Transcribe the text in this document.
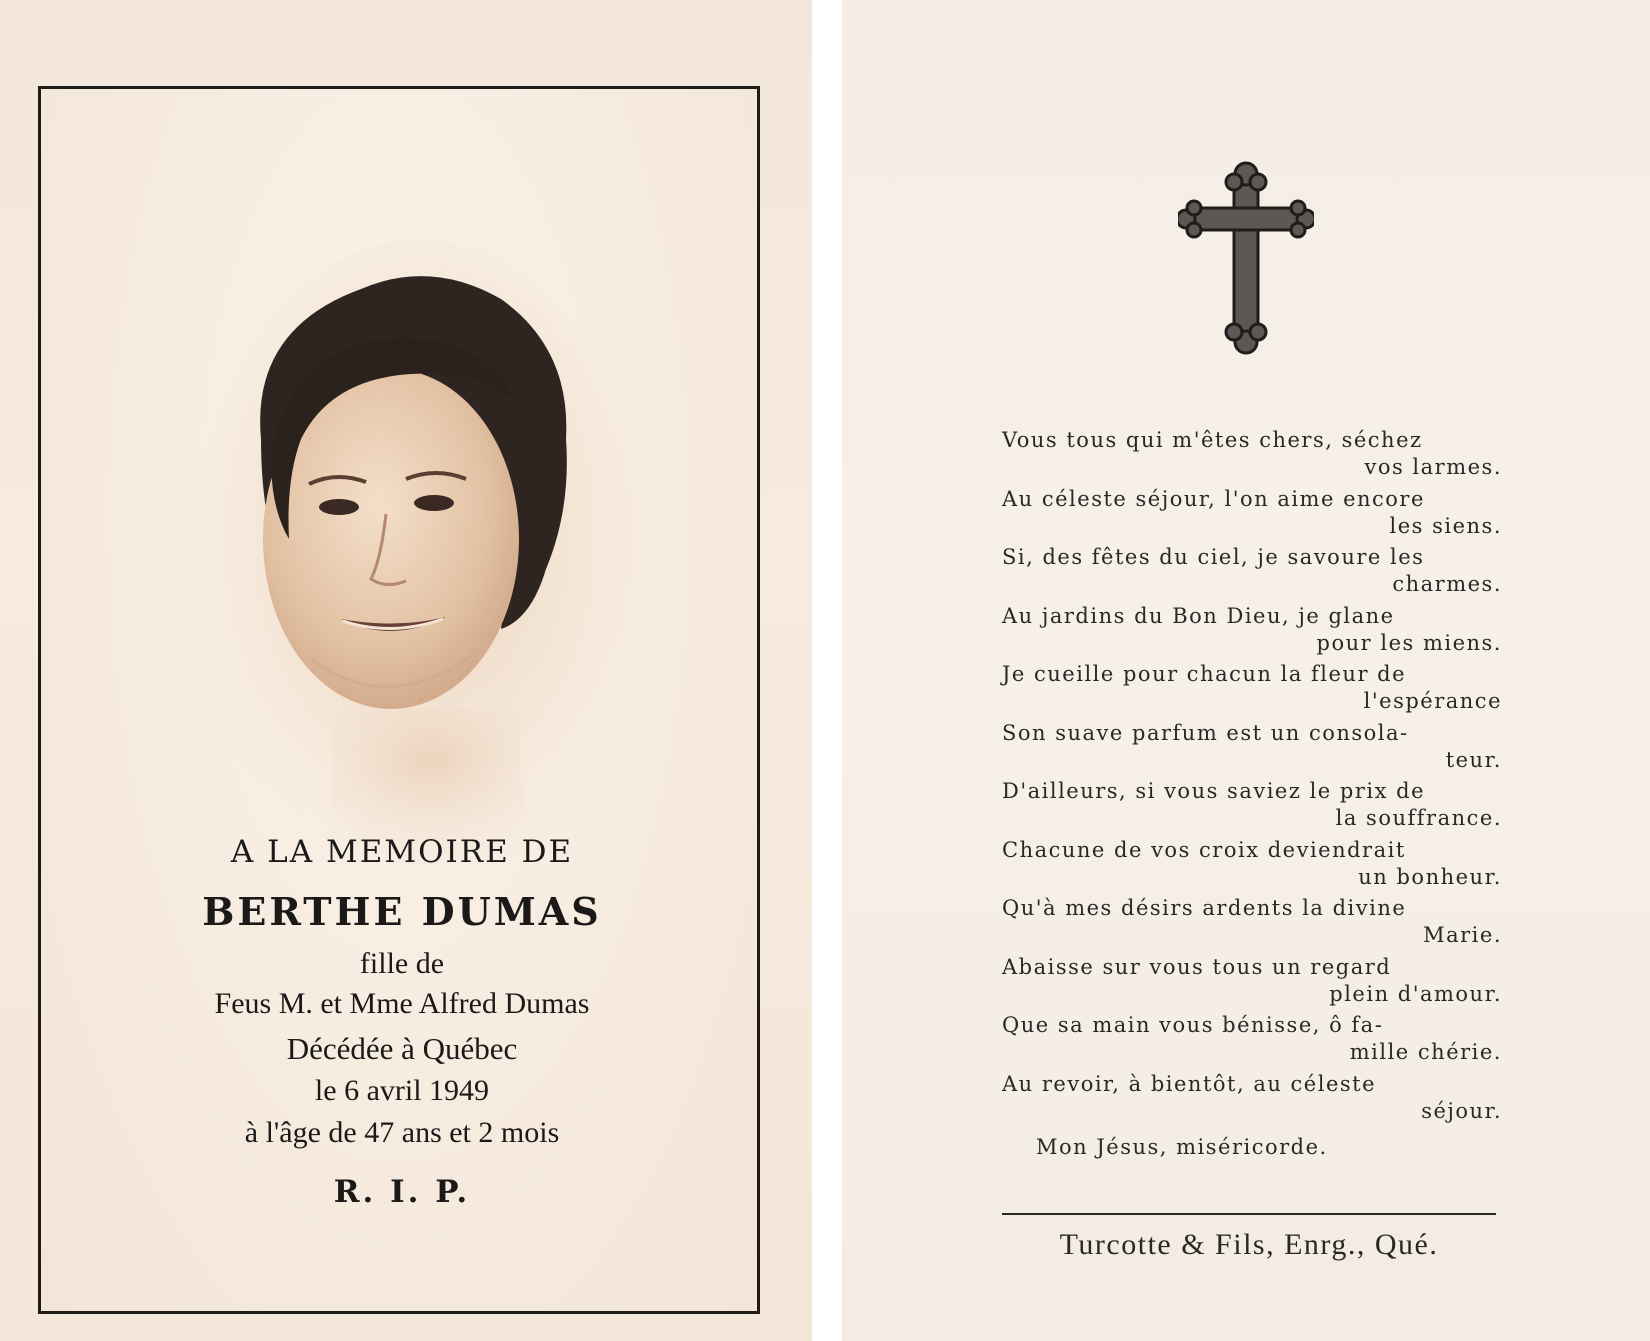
A LA MEMOIRE DE
BERTHE DUMAS
fille de
Feus M. et Mme Alfred Dumas
Décédée à Québec
le 6 avril 1949
à l'âge de 47 ans et 2 mois
R. I. P.
Vous tous qui m'êtes chers, séchez
vos larmes.
Au céleste séjour, l'on aime encore
les siens.
Si, des fêtes du ciel, je savoure les
charmes.
Au jardins du Bon Dieu, je glane
pour les miens.
Je cueille pour chacun la fleur de
l'espérance
Son suave parfum est un consola-
teur.
D'ailleurs, si vous saviez le prix de
la souffrance.
Chacune de vos croix deviendrait
un bonheur.
Qu'à mes désirs ardents la divine
Marie.
Abaisse sur vous tous un regard
plein d'amour.
Que sa main vous bénisse, ô fa-
mille chérie.
Au revoir, à bientôt, au céleste
séjour.
Mon Jésus, miséricorde.
Turcotte & Fils, Enrg., Qué.
